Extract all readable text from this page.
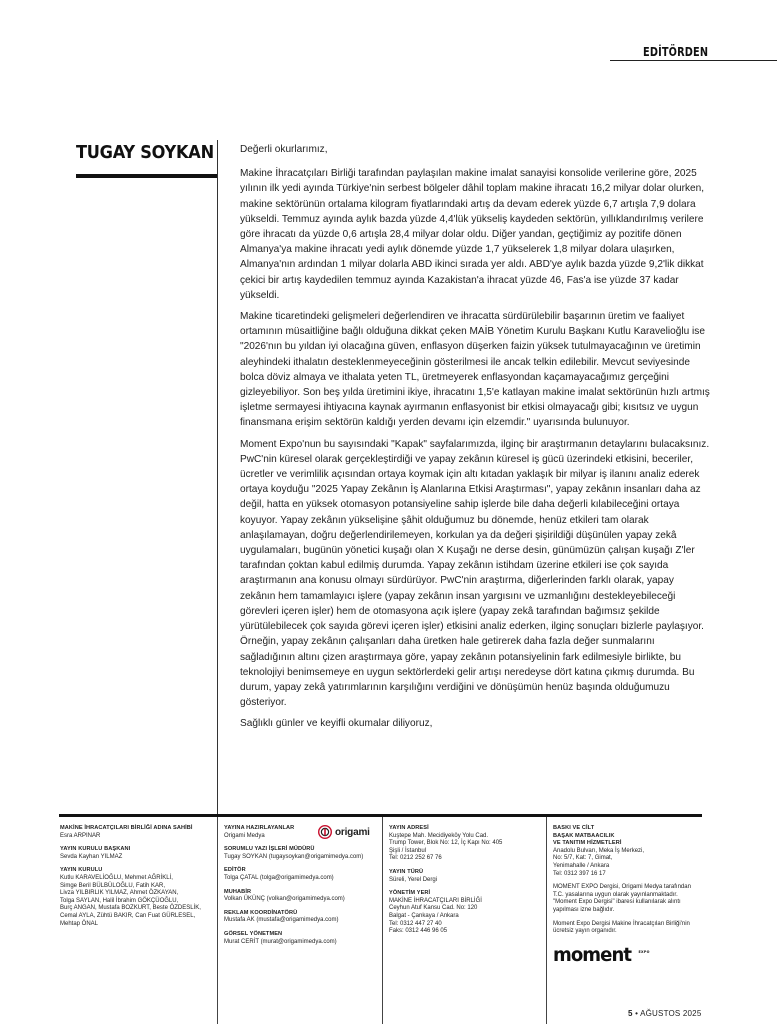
EDİTÖRDEN
TUGAY SOYKAN	Değerli okurlarımız,

Makine İhracatçıları Birliği tarafından paylaşılan makine imalat sanayisi konsolide verilerine göre, 2025 yılının ilk yedi ayında Türkiye'nin serbest bölgeler dâhil toplam makine ihracatı 16,2 milyar dolar olurken, makine sektörünün ortalama kilogram fiyatlarındaki artış da devam ederek yüzde 6,7 artışla 7,9 dolara yükseldi. Temmuz ayında aylık bazda yüzde 4,4'lük yükseliş kaydeden sektörün, yıllıklandırılmış verilere göre ihracatı da yüzde 0,6 artışla 28,4 milyar dolar oldu. Diğer yandan, geçtiğimiz ay pozitife dönen Almanya'ya makine ihracatı yedi aylık dönemde yüzde 1,7 yükselerek 1,8 milyar dolara ulaşırken, Almanya'nın ardından 1 milyar dolarla ABD ikinci sırada yer aldı. ABD'ye aylık bazda yüzde 9,2'lik dikkat çekici bir artış kaydedilen temmuz ayında Kazakistan'a ihracat yüzde 46, Fas'a ise yüzde 37 kadar yükseldi.

Makine ticaretindeki gelişmeleri değerlendiren ve ihracatta sürdürülebilir başarının üretim ve faaliyet ortamının müsaitliğine bağlı olduğuna dikkat çeken MAİB Yönetim Kurulu Başkanı Kutlu Karavelioğlu ise "2026'nın bu yıldan iyi olacağına güven, enflasyon düşerken faizin yüksek tutulmayacağının ve üretimin aleyhindeki ithalatın desteklenmeyeceğinin gösterilmesi ile ancak telkin edilebilir. Mevcut seviyesinde bolca döviz almaya ve ithalata yeten TL, üretmeyerek enflasyondan kaçamayacağımız gerçeğini gizleyebiliyor. Son beş yılda üretimini ikiye, ihracatını 1,5'e katlayan makine imalat sektörünün hızlı artmış işletme sermayesi ihtiyacına kaynak ayırmanın enflasyonist bir etkisi olmayacağı gibi; kısıtsız ve uygun finansmana erişim sektörün kaldığı yerden devamı için elzemdir." uyarısında bulunuyor.

Moment Expo'nun bu sayısındaki "Kapak" sayfalarımızda, ilginç bir araştırmanın detaylarını bulacaksınız. PwC'nin küresel olarak gerçekleştirdiği ve yapay zekânın küresel iş gücü üzerindeki etkisini, beceriler, ücretler ve verimlilik açısından ortaya koymak için altı kıtadan yaklaşık bir milyar iş ilanını analiz ederek ortaya koyduğu "2025 Yapay Zekânın İş Alanlarına Etkisi Araştırması", yapay zekânın insanları daha az değil, hatta en yüksek otomasyon potansiyeline sahip işlerde bile daha değerli kılabileceğini ortaya koyuyor. Yapay zekânın yükselişine şâhit olduğumuz bu dönemde, henüz etkileri tam olarak anlaşılamayan, doğru değerlendirilemeyen, korkulan ya da değeri şişirildiği düşünülen yapay zekâ uygulamaları, bugünün yönetici kuşağı olan X Kuşağı ne derse desin, günümüzün çalışan kuşağı Z'ler tarafından çoktan kabul edilmiş durumda. Yapay zekânın istihdam üzerine etkileri ise çok sayıda araştırmanın ana konusu olmayı sürdürüyor. PwC'nin araştırma, diğerlerinden farklı olarak, yapay zekânın hem tamamlayıcı işlere (yapay zekânın insan yargısını ve uzmanlığını destekleyebileceği görevleri içeren işler) hem de otomasyona açık işlere (yapay zekâ tarafından bağımsız şekilde yürütülebilecek çok sayıda görevi içeren işler) etkisini analiz ederken, ilginç sonuçları bizlerle paylaşıyor. Örneğin, yapay zekânın çalışanları daha üretken hale getirerek daha fazla değer sunmalarını sağladığının altını çizen araştırmaya göre, yapay zekânın potansiyelinin fark edilmesiyle birlikte, bu teknolojiyi benimsemeye en uygun sektörlerdeki gelir artışı neredeyse dört katına çıkmış durumda. Bu durum, yapay zekâ yatırımlarının karşılığını verdiğini ve dönüşümün henüz başında olduğumuzu gösteriyor.

Sağlıklı günler ve keyifli okumalar diliyoruz,

MAKİNE İHRACATÇILARI BİRLİĞİ ADINA SAHİBİ
Esra ARPINAR
YAYIN KURULU BAŞKANI
Sevda Kayhan YILMAZ
YAYIN KURULU
Kutlu KARAVELİOĞLU, Mehmet AĞRİKLİ,
Simge Beril BÜLBÜLOĞLU, Fatih KAR,
Livza YILBIRLIK YILMAZ, Ahmet ÖZKAYAN,
Tolga SAYLAN, Halil İbrahim GÖKÇÜOĞLU,
Burç ANGAN, Mustafa BOZKURT, Beste ÖZDESLİK,
Cemal AYLA, Zühtü BAKIR, Can Fuat GÜRLESEL,
Mehtap ÖNAL
YAYINA HAZIRLAYANLAR
Origami Medya
SORUMLU YAZI İŞLERİ MÜDÜRÜ
Tugay SOYKAN (tugaysoykan@origamimedya.com)
EDİTÖR
Tolga ÇATAL (tolga@origamimedya.com)
MUHABİR
Volkan ÜKÜNÇ (volkan@origamimedya.com)
REKLAM KOORDİNATÖRÜ
Mustafa AK (mustafa@origamimedya.com)
GÖRSEL YÖNETMEN
Murat CERİT (murat@origamimedya.com)
YAYIN ADRESİ
Kuştepe Mah. Mecidiyeköy Yolu Cad.
Trump Tower, Blok No: 12, İç Kapı No: 405
Şişli / İstanbul
Tel: 0212 252 67 76
YAYIN TÜRÜ
Süreli, Yerel Dergi
YÖNETİM YERİ
MAKİNE İHRACATÇILARI BİRLİĞİ
Ceyhun Atuf Kansu Cad. No: 120
Balgat - Çankaya / Ankara
Tel: 0312 447 27 40
Faks: 0312 446 96 05
BASKI VE CİLT
BAŞAK MATBAACILIK
VE TANITIM HİZMETLERİ
Anadolu Bulvarı, Meka İş Merkezi,
No: 5/7, Kat: 7, Gimat,
Yenimahalle / Ankara
Tel: 0312 397 16 17
MOMENT EXPO Dergisi, Origami Medya tarafından T.C. yasalarına uygun olarak yayınlanmaktadır. "Moment Expo Dergisi" ibaresi kullanılarak alıntı yapılması izne bağlıdır.
Moment Expo Dergisi Makine İhracatçıları Birliği'nin ücretsiz yayın organıdır.
origami
moment EXPO
5 • AĞUSTOS 2025
